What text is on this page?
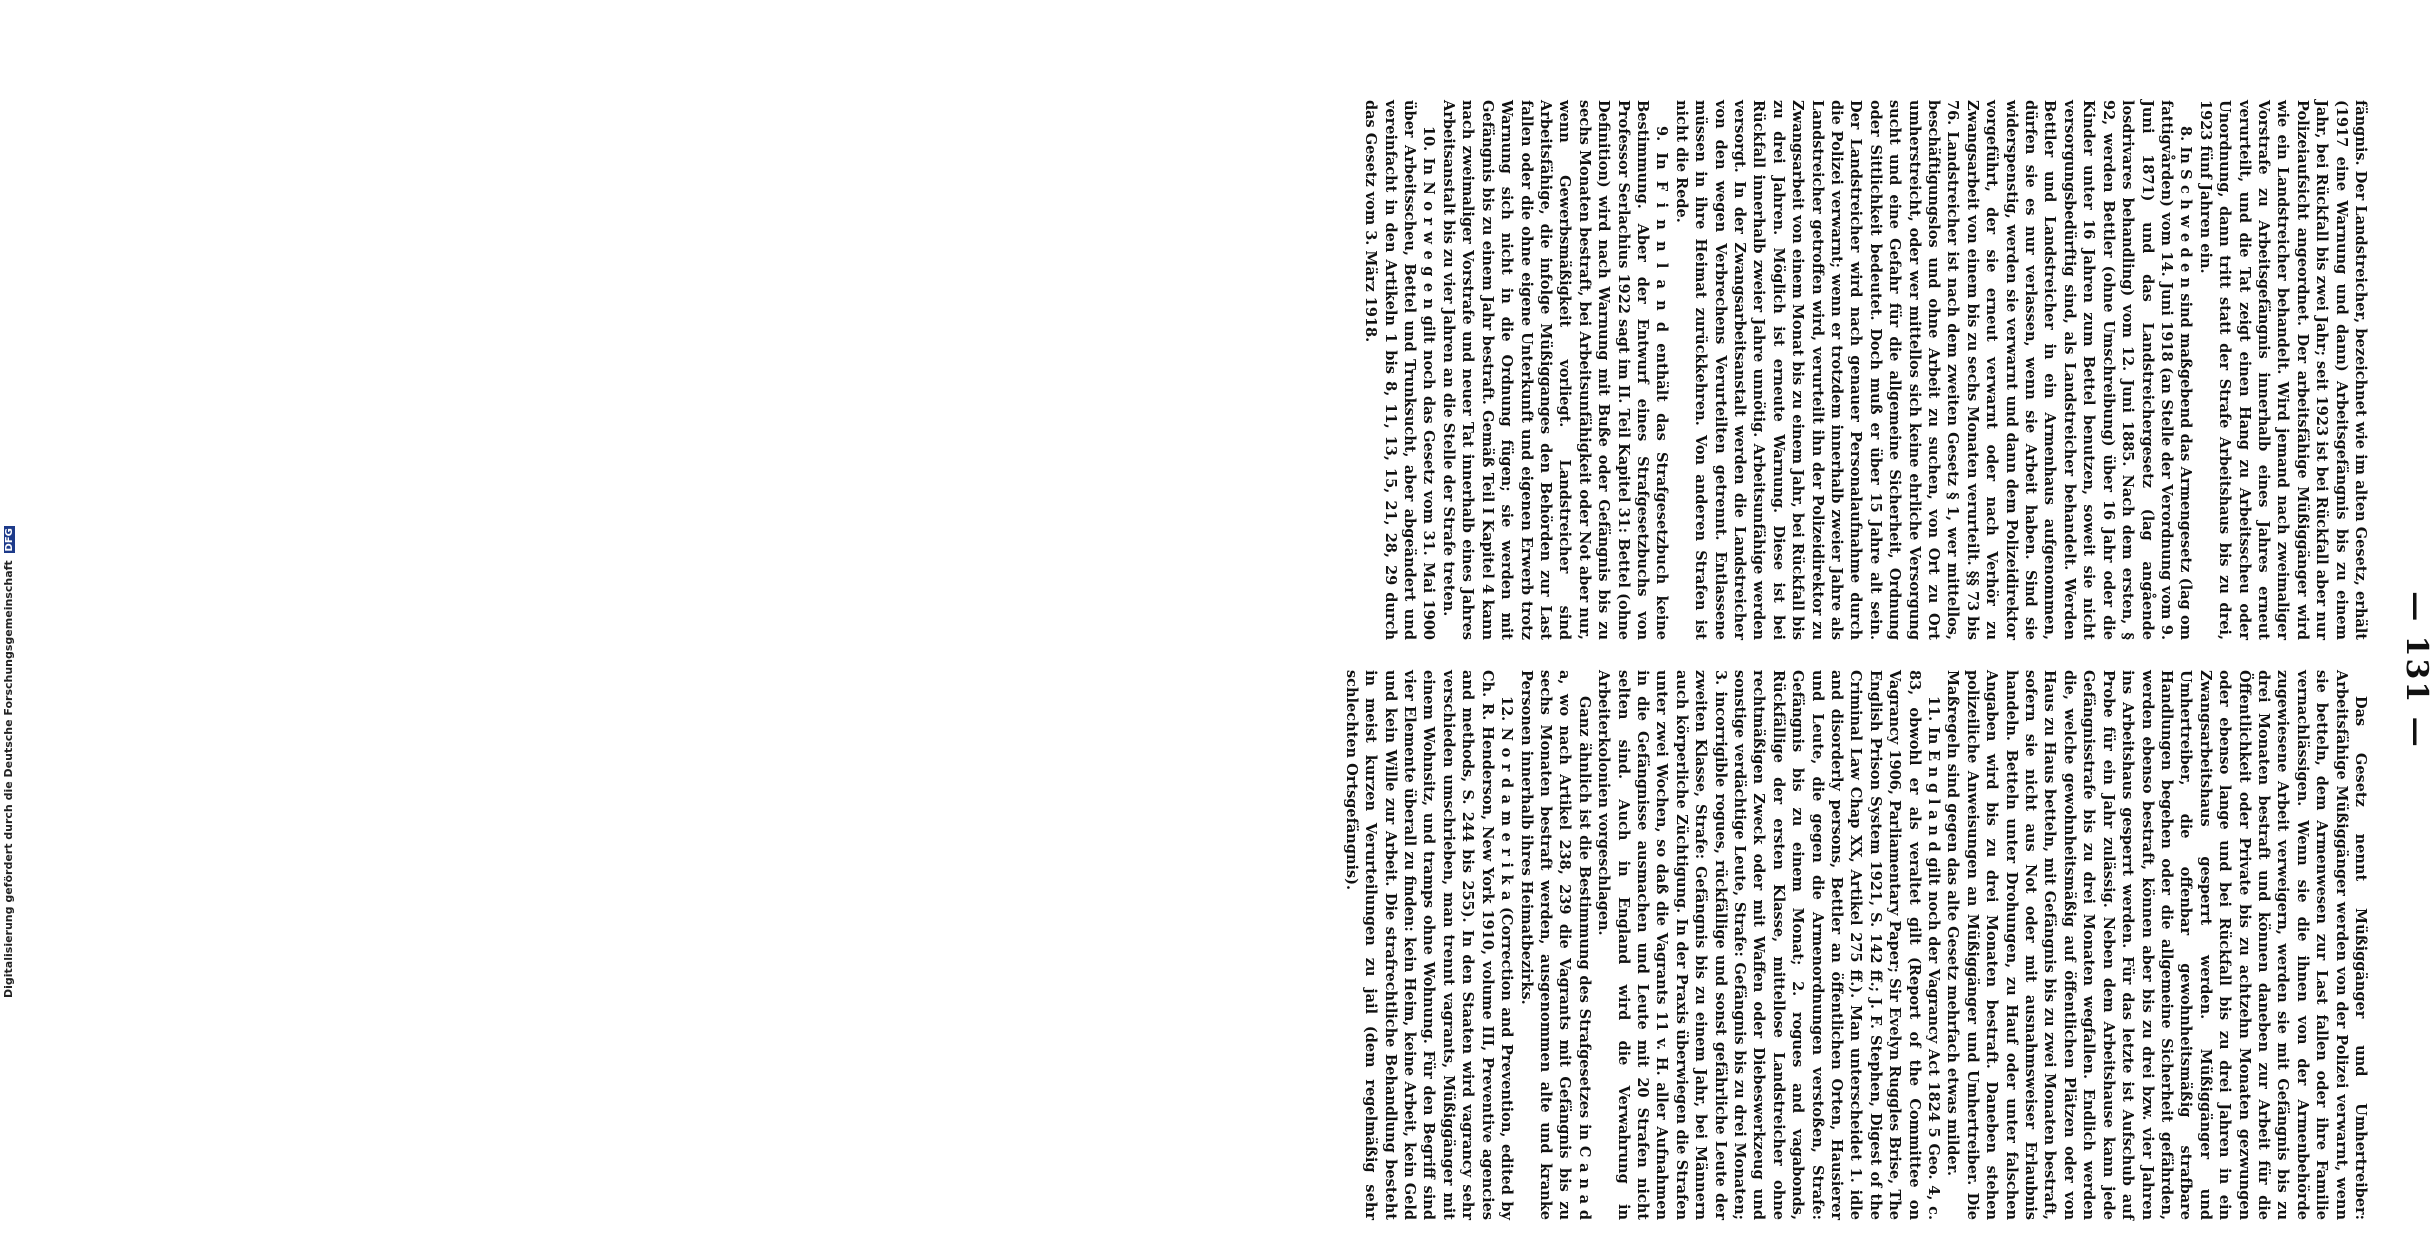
Digitalisierung gefördert durch die Deutsche Forschungsgemeinschaft DFG
— 131 —

fängnis. Der Landstreicher, bezeichnet wie im alten Gesetz, erhält (1917 eine Warnung und dann) Arbeitsgefängnis bis zu einem Jahr, bei Rückfall bis zwei Jahr; seit 1923 ist bei Rückfall aber nur Polizeiaufsicht angeordnet. Der arbeitsfähige Müßiggänger wird wie ein Landstreicher behandelt. Wird jemand nach zweimaliger Vorstrafe zu Arbeitsgefängnis innerhalb eines Jahres erneut verurteilt, und die Tat zeigt einen Hang zu Arbeitsscheu oder Unordnung, dann tritt statt der Strafe Arbeitshaus bis zu drei, 1923 fünf Jahren ein.

8. In S c h w e d e n sind maßgebend das Armengesetz (lag om fattigvården) vom 14. Juni 1918 (an Stelle der Verordnung vom 9. Juni 1871) und das Landstreichergesetz (lag angående losdrivares behandling) vom 12. Juni 1885. Nach dem ersten, § 92, werden Bettler (ohne Umschreibung) über 16 Jahr oder die Kinder unter 16 Jahren zum Bettel benutzen, soweit sie nicht versorgungsbedürftig sind, als Landstreicher behandelt. Werden Bettler und Landstreicher in ein Armenhaus aufgenommen, dürfen sie es nur verlassen, wenn sie Arbeit haben. Sind sie widerspenstig, werden sie verwarnt und dann dem Polizeidirektor vorgeführt, der sie erneut verwarnt oder nach Verhör zu Zwangsarbeit von einem bis zu sechs Monaten verurteilt. §§ 73 bis 76. Landstreicher ist nach dem zweiten Gesetz § 1, wer mittellos, beschäftigungslos und ohne Arbeit zu suchen, von Ort zu Ort umherstreicht, oder wer mittellos sich keine ehrliche Versorgung sucht und eine Gefahr für die allgemeine Sicherheit, Ordnung oder Sittlichkeit bedeutet. Doch muß er über 15 Jahre alt sein. Der Landstreicher wird nach genauer Personalaufnahme durch die Polizei verwarnt; wenn er trotzdem innerhalb zweier Jahre als Landstreicher getroffen wird, verurteilt ihn der Polizeidirektor zu Zwangsarbeit von einem Monat bis zu einem Jahr, bei Rückfall bis zu drei Jahren. Möglich ist erneute Warnung. Diese ist bei Rückfall innerhalb zweier Jahre unnötig. Arbeitsunfähige werden versorgt. In der Zwangsarbeitsanstalt werden die Landstreicher von den wegen Verbrechens Verurteilten getrennt. Entlassene müssen in ihre Heimat zurückkehren. Von anderen Strafen ist nicht die Rede.

9. In F i n n l a n d enthält das Strafgesetzbuch keine Bestimmung. Aber der Entwurf eines Strafgesetzbuchs von Professor Serlachius 1922 sagt im II. Teil Kapitel 31: Bettel (ohne Definition) wird nach Warnung mit Buße oder Gefängnis bis zu sechs Monaten bestraft, bei Arbeitsunfähigkeit oder Not aber nur, wenn Gewerbsmäßigkeit vorliegt. Landstreicher sind Arbeitsfähige, die infolge Müßigganges den Behörden zur Last fallen oder die ohne eigene Unterkunft und eigenen Erwerb trotz Warnung sich nicht in die Ordnung fügen; sie werden mit Gefängnis bis zu einem Jahr bestraft. Gemäß Teil I Kapitel 4 kann nach zweimaliger Vorstrafe und neuer Tat innerhalb eines Jahres Arbeitsanstalt bis zu vier Jahren an die Stelle der Strafe treten.

10. In N o r w e g e n gilt noch das Gesetz vom 31. Mai 1900 über Arbeitsscheu, Bettel und Trunksucht, aber abgeändert und vereinfacht in den Artikeln 1 bis 8, 11, 13, 15, 21, 28, 29 durch das Gesetz vom 3. März 1918.

Das Gesetz nennt Müßiggänger und Umhertreiber: Arbeitsfähige Müßiggänger werden von der Polizei verwarnt, wenn sie betteln, dem Armenwesen zur Last fallen oder ihre Familie vernachlässigen. Wenn sie die ihnen von der Armenbehörde zugewiesene Arbeit verweigern, werden sie mit Gefängnis bis zu drei Monaten bestraft und können daneben zur Arbeit für die Öffentlichkeit oder Private bis zu achtzehn Monaten gezwungen oder ebenso lange und bei Rückfall bis zu drei Jahren in ein Zwangsarbeitshaus gesperrt werden. Müßiggänger und Umhertreiber, die offenbar gewohnheitsmäßig strafbare Handlungen begehen oder die allgemeine Sicherheit gefährden, werden ebenso bestraft, können aber bis zu drei bzw. vier Jahren ins Arbeitshaus gesperrt werden. Für das letzte ist Aufschub auf Probe für ein Jahr zulässig. Neben dem Arbeitshause kann jede Gefängnisstrafe bis zu drei Monaten wegfallen. Endlich werden die, welche gewohnheitsmäßig auf öffentlichen Plätzen oder von Haus zu Haus betteln, mit Gefängnis bis zu zwei Monaten bestraft, sofern sie nicht aus Not oder mit ausnahmsweiser Erlaubnis handeln. Betteln unter Drohungen, zu Hauf oder unter falschen Angaben wird bis zu drei Monaten bestraft. Daneben stehen polizeiliche Anweisungen an Müßiggänger und Umhertreiber. Die Maßregeln sind gegen das alte Gesetz mehrfach etwas milder.

11. In E n g l a n d gilt noch der Vagrancy Act 1824 5 Geo. 4, c. 83, obwohl er als veraltet gilt (Report of the Committee on Vagrancy 1906, Parliamentary Paper; Sir Evelyn Ruggles Brise, The English Prison System 1921, S. 142 ff.; J. F. Stephen, Digest of the Criminal Law Chap XX, Artikel 275 ff.). Man unterscheidet 1. idle and disorderly persons, Bettler an öffentlichen Orten, Hausierer und Leute, die gegen die Armenordnungen verstoßen, Strafe: Gefängnis bis zu einem Monat; 2. rogues and vagabonds, Rückfällige der ersten Klasse, mittellose Landstreicher ohne rechtmäßigen Zweck oder mit Waffen oder Diebeswerkzeug und sonstige verdächtige Leute, Strafe: Gefängnis bis zu drei Monaten; 3. incorrigible rogues, rückfällige und sonst gefährliche Leute der zweiten Klasse, Strafe: Gefängnis bis zu einem Jahr, bei Männern auch körperliche Züchtigung. In der Praxis überwiegen die Strafen unter zwei Wochen, so daß die Vagrants 11 v. H. aller Aufnahmen in die Gefängnisse ausmachen und Leute mit 20 Strafen nicht selten sind. Auch in England wird die Verwahrung in Arbeiterkolonien vorgeschlagen.

Ganz ähnlich ist die Bestimmung des Strafgesetzes in C a n a d a, wo nach Artikel 238, 239 die Vagrants mit Gefängnis bis zu sechs Monaten bestraft werden, ausgenommen alte und kranke Personen innerhalb ihres Heimatbezirks.

12. N o r d a m e r i k a (Correction and Prevention, edited by Ch. R. Henderson, New York 1910, volume III, Preventive agencies and methods, S. 244 bis 255). In den Staaten wird vagrancy sehr verschieden umschrieben, man trennt vagrants, Müßiggänger mit einem Wohnsitz, und tramps ohne Wohnung. Für den Begriff sind vier Elemente überall zu finden: kein Heim, keine Arbeit, kein Geld und kein Wille zur Arbeit. Die strafrechtliche Behandlung besteht in meist kurzen Verurteilungen zu jail (dem regelmäßig sehr schlechten Ortsgefängnis).
